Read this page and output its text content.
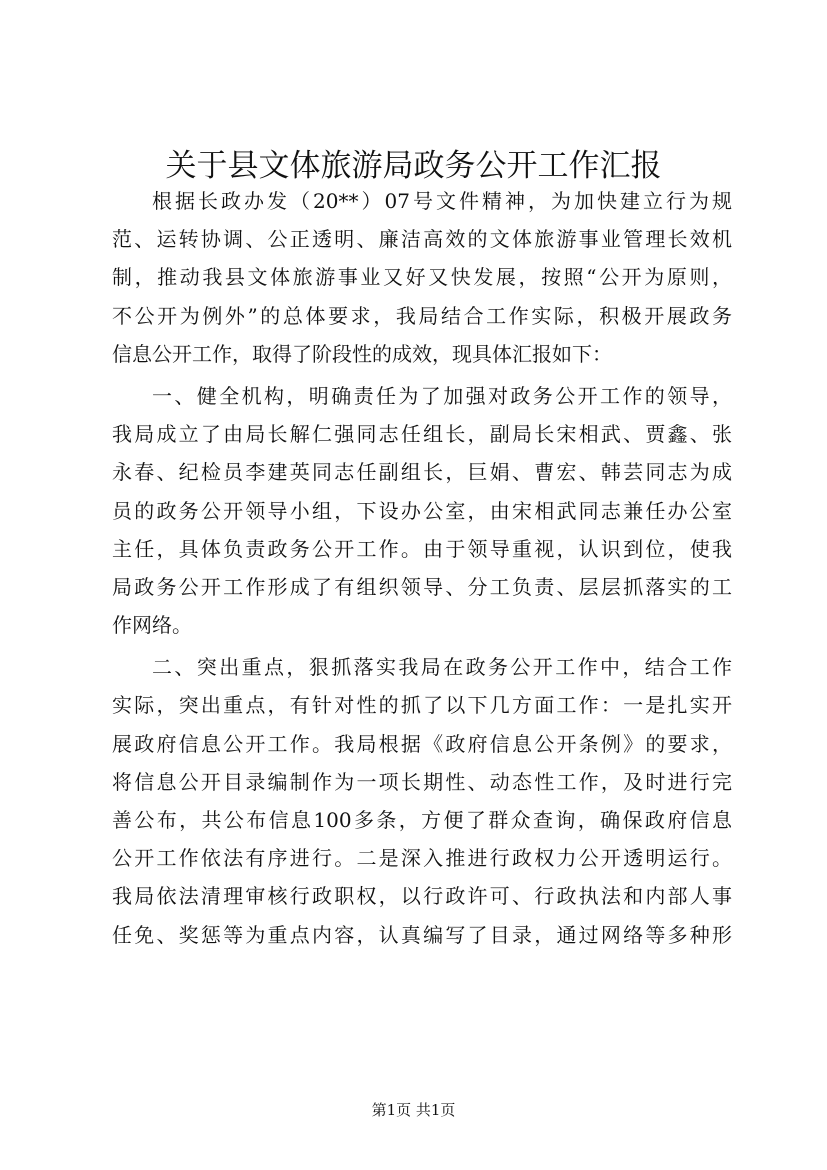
关于县文体旅游局政务公开工作汇报
根据长政办发（20**）07号文件精神，为加快建立行为规
范、运转协调、公正透明、廉洁高效的文体旅游事业管理长效机
制，推动我县文体旅游事业又好又快发展，按照“公开为原则，
不公开为例外”的总体要求，我局结合工作实际，积极开展政务
信息公开工作，取得了阶段性的成效，现具体汇报如下：
一、健全机构，明确责任为了加强对政务公开工作的领导，
我局成立了由局长解仁强同志任组长，副局长宋相武、贾鑫、张
永春、纪检员李建英同志任副组长，巨娟、曹宏、韩芸同志为成
员的政务公开领导小组，下设办公室，由宋相武同志兼任办公室
主任，具体负责政务公开工作。由于领导重视，认识到位，使我
局政务公开工作形成了有组织领导、分工负责、层层抓落实的工
作网络。
二、突出重点，狠抓落实我局在政务公开工作中，结合工作
实际，突出重点，有针对性的抓了以下几方面工作：一是扎实开
展政府信息公开工作。我局根据《政府信息公开条例》的要求，
将信息公开目录编制作为一项长期性、动态性工作，及时进行完
善公布，共公布信息100多条，方便了群众查询，确保政府信息
公开工作依法有序进行。二是深入推进行政权力公开透明运行。
我局依法清理审核行政职权，以行政许可、行政执法和内部人事
任免、奖惩等为重点内容，认真编写了目录，通过网络等多种形
第1页 共1页
